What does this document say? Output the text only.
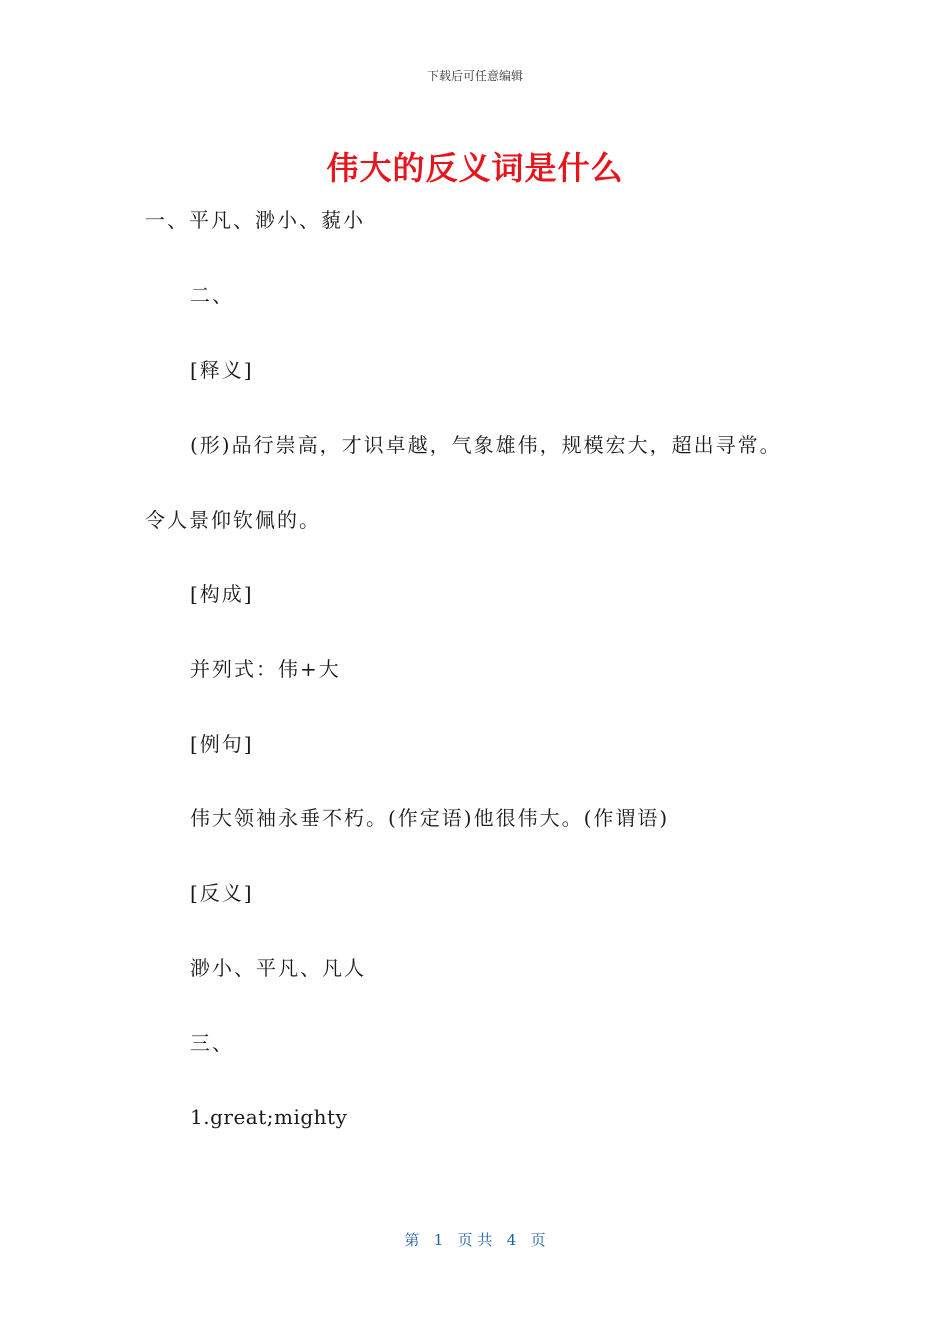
下载后可任意编辑
伟大的反义词是什么
一、平凡、渺小、藐小
二、
[释义]
(形)品行崇高，才识卓越，气象雄伟，规模宏大，超出寻常。
令人景仰钦佩的。
[构成]
并列式：伟+大
[例句]
伟大领袖永垂不朽。(作定语)他很伟大。(作谓语)
[反义]
渺小、平凡、凡人
三、
1.great;mighty
第 1 页 共 4 页
